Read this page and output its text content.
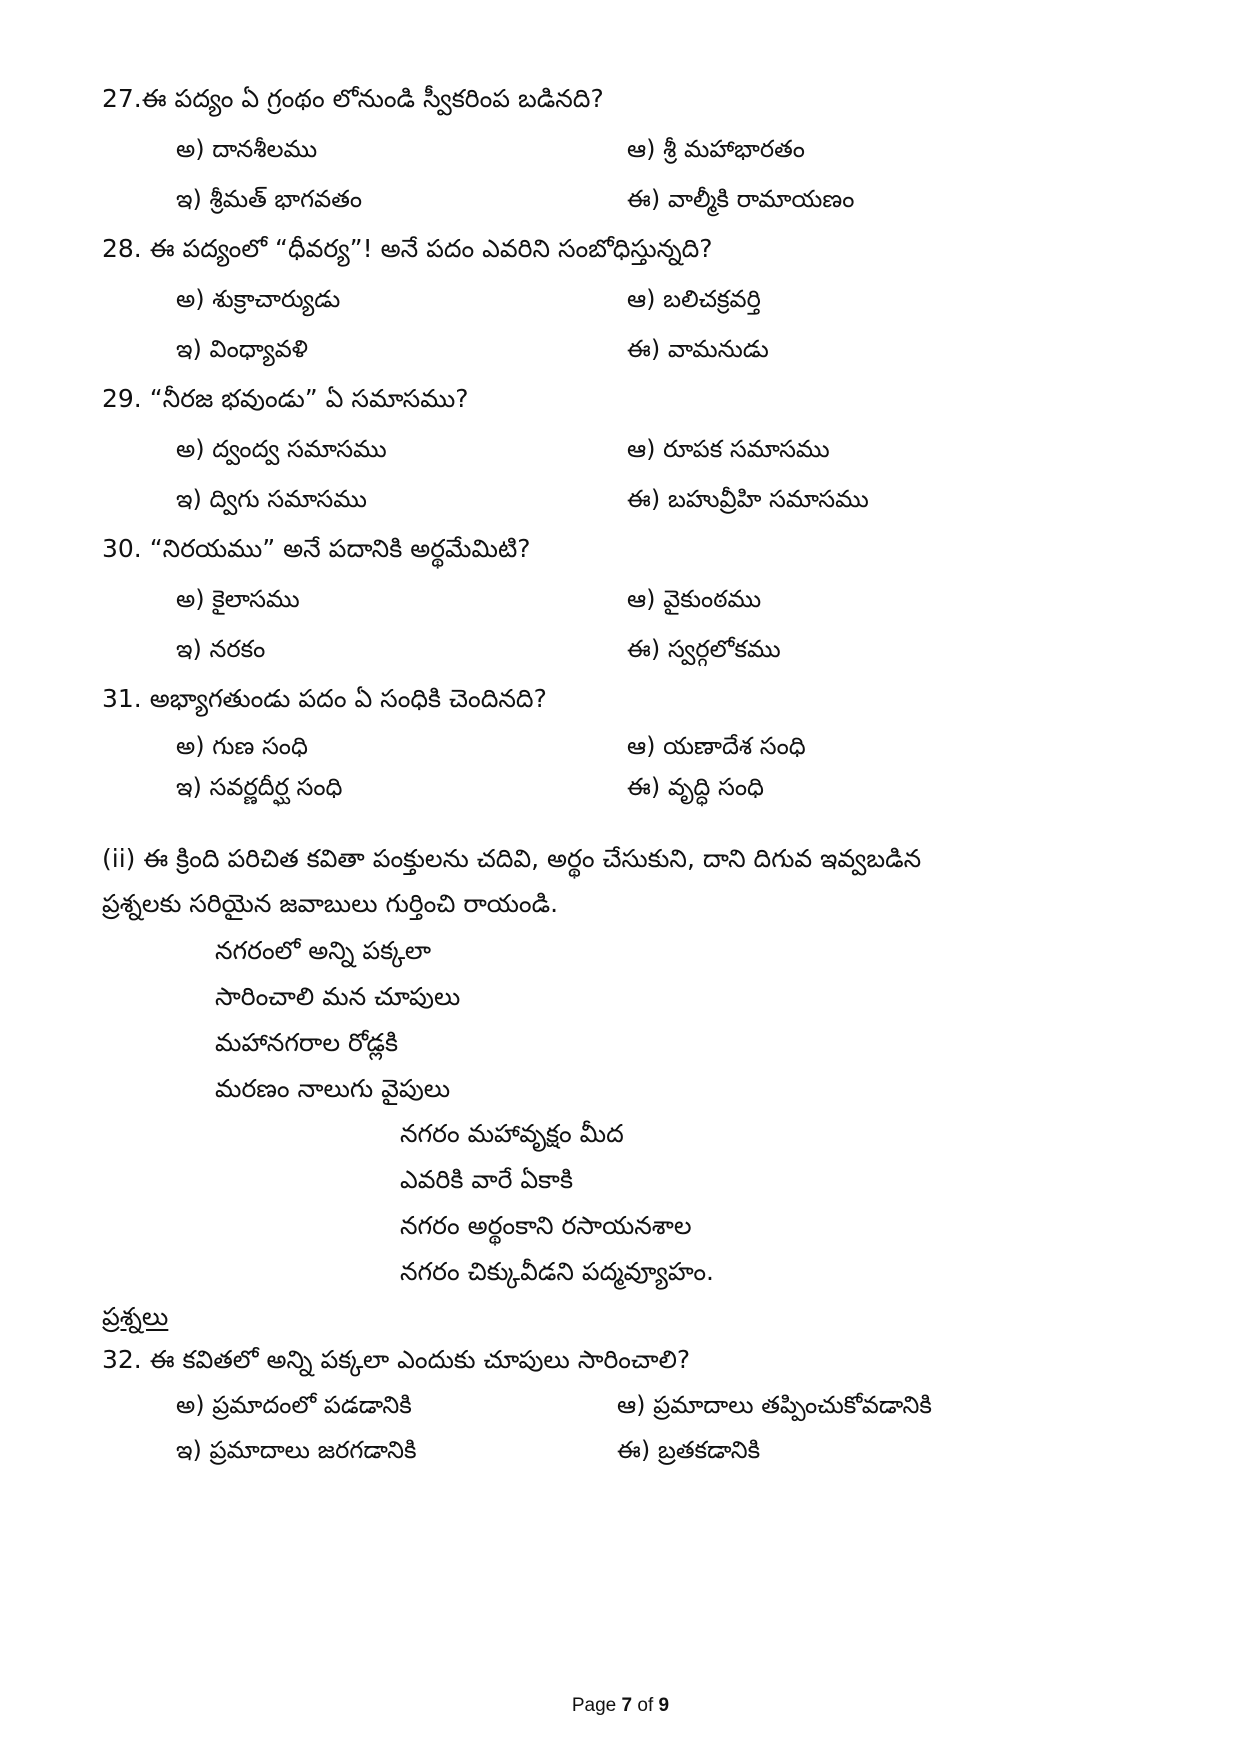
27.ఈ పద్యం ఏ గ్రంథం లోనుండి స్వీకరింప బడినది?
అ) దానశీలము	ఆ) శ్రీ మహాభారతం
ఇ) శ్రీమత్ భాగవతం	ఈ) వాల్మీకి రామాయణం
28. ఈ పద్యంలో “ధీవర్య”! అనే పదం ఎవరిని సంబోధిస్తున్నది?
అ) శుక్రాచార్యుడు	ఆ) బలిచక్రవర్తి
ఇ) వింధ్యావళి	ఈ) వామనుడు
29. “నీరజ భవుండు” ఏ సమాసము?
అ) ద్వంద్వ సమాసము	ఆ) రూపక సమాసము
ఇ) ద్విగు సమాసము	ఈ) బహువ్రీహి సమాసము
30. “నిరయము” అనే పదానికి అర్థమేమిటి?
అ) కైలాసము	ఆ) వైకుంఠము
ఇ) నరకం	ఈ) స్వర్గలోకము
31. అభ్యాగతుండు పదం ఏ సంధికి చెందినది?
అ) గుణ సంధి	ఆ) యణాదేశ సంధి
ఇ) సవర్ణదీర్ఘ సంధి	ఈ) వృద్ధి సంధి
(ii) ఈ క్రింది పరిచిత కవితా పంక్తులను చదివి, అర్థం చేసుకుని, దాని దిగువ ఇవ్వబడిన
ప్రశ్నలకు సరియైన జవాబులు గుర్తించి రాయండి.
నగరంలో అన్ని పక్కలా
సారించాలి మన చూపులు
మహానగరాల రోడ్లకి
మరణం నాలుగు వైపులు
నగరం మహావృక్షం మీద
ఎవరికి వారే ఏకాకి
నగరం అర్థంకాని రసాయనశాల
నగరం చిక్కువీడని పద్మవ్యూహం.
ప్రశ్నలు
32. ఈ కవితలో అన్ని పక్కలా ఎందుకు చూపులు సారించాలి?
అ) ప్రమాదంలో పడడానికి	ఆ) ప్రమాదాలు తప్పించుకోవడానికి
ఇ) ప్రమాదాలు జరగడానికి	ఈ) బ్రతకడానికి
Page 7 of 9
